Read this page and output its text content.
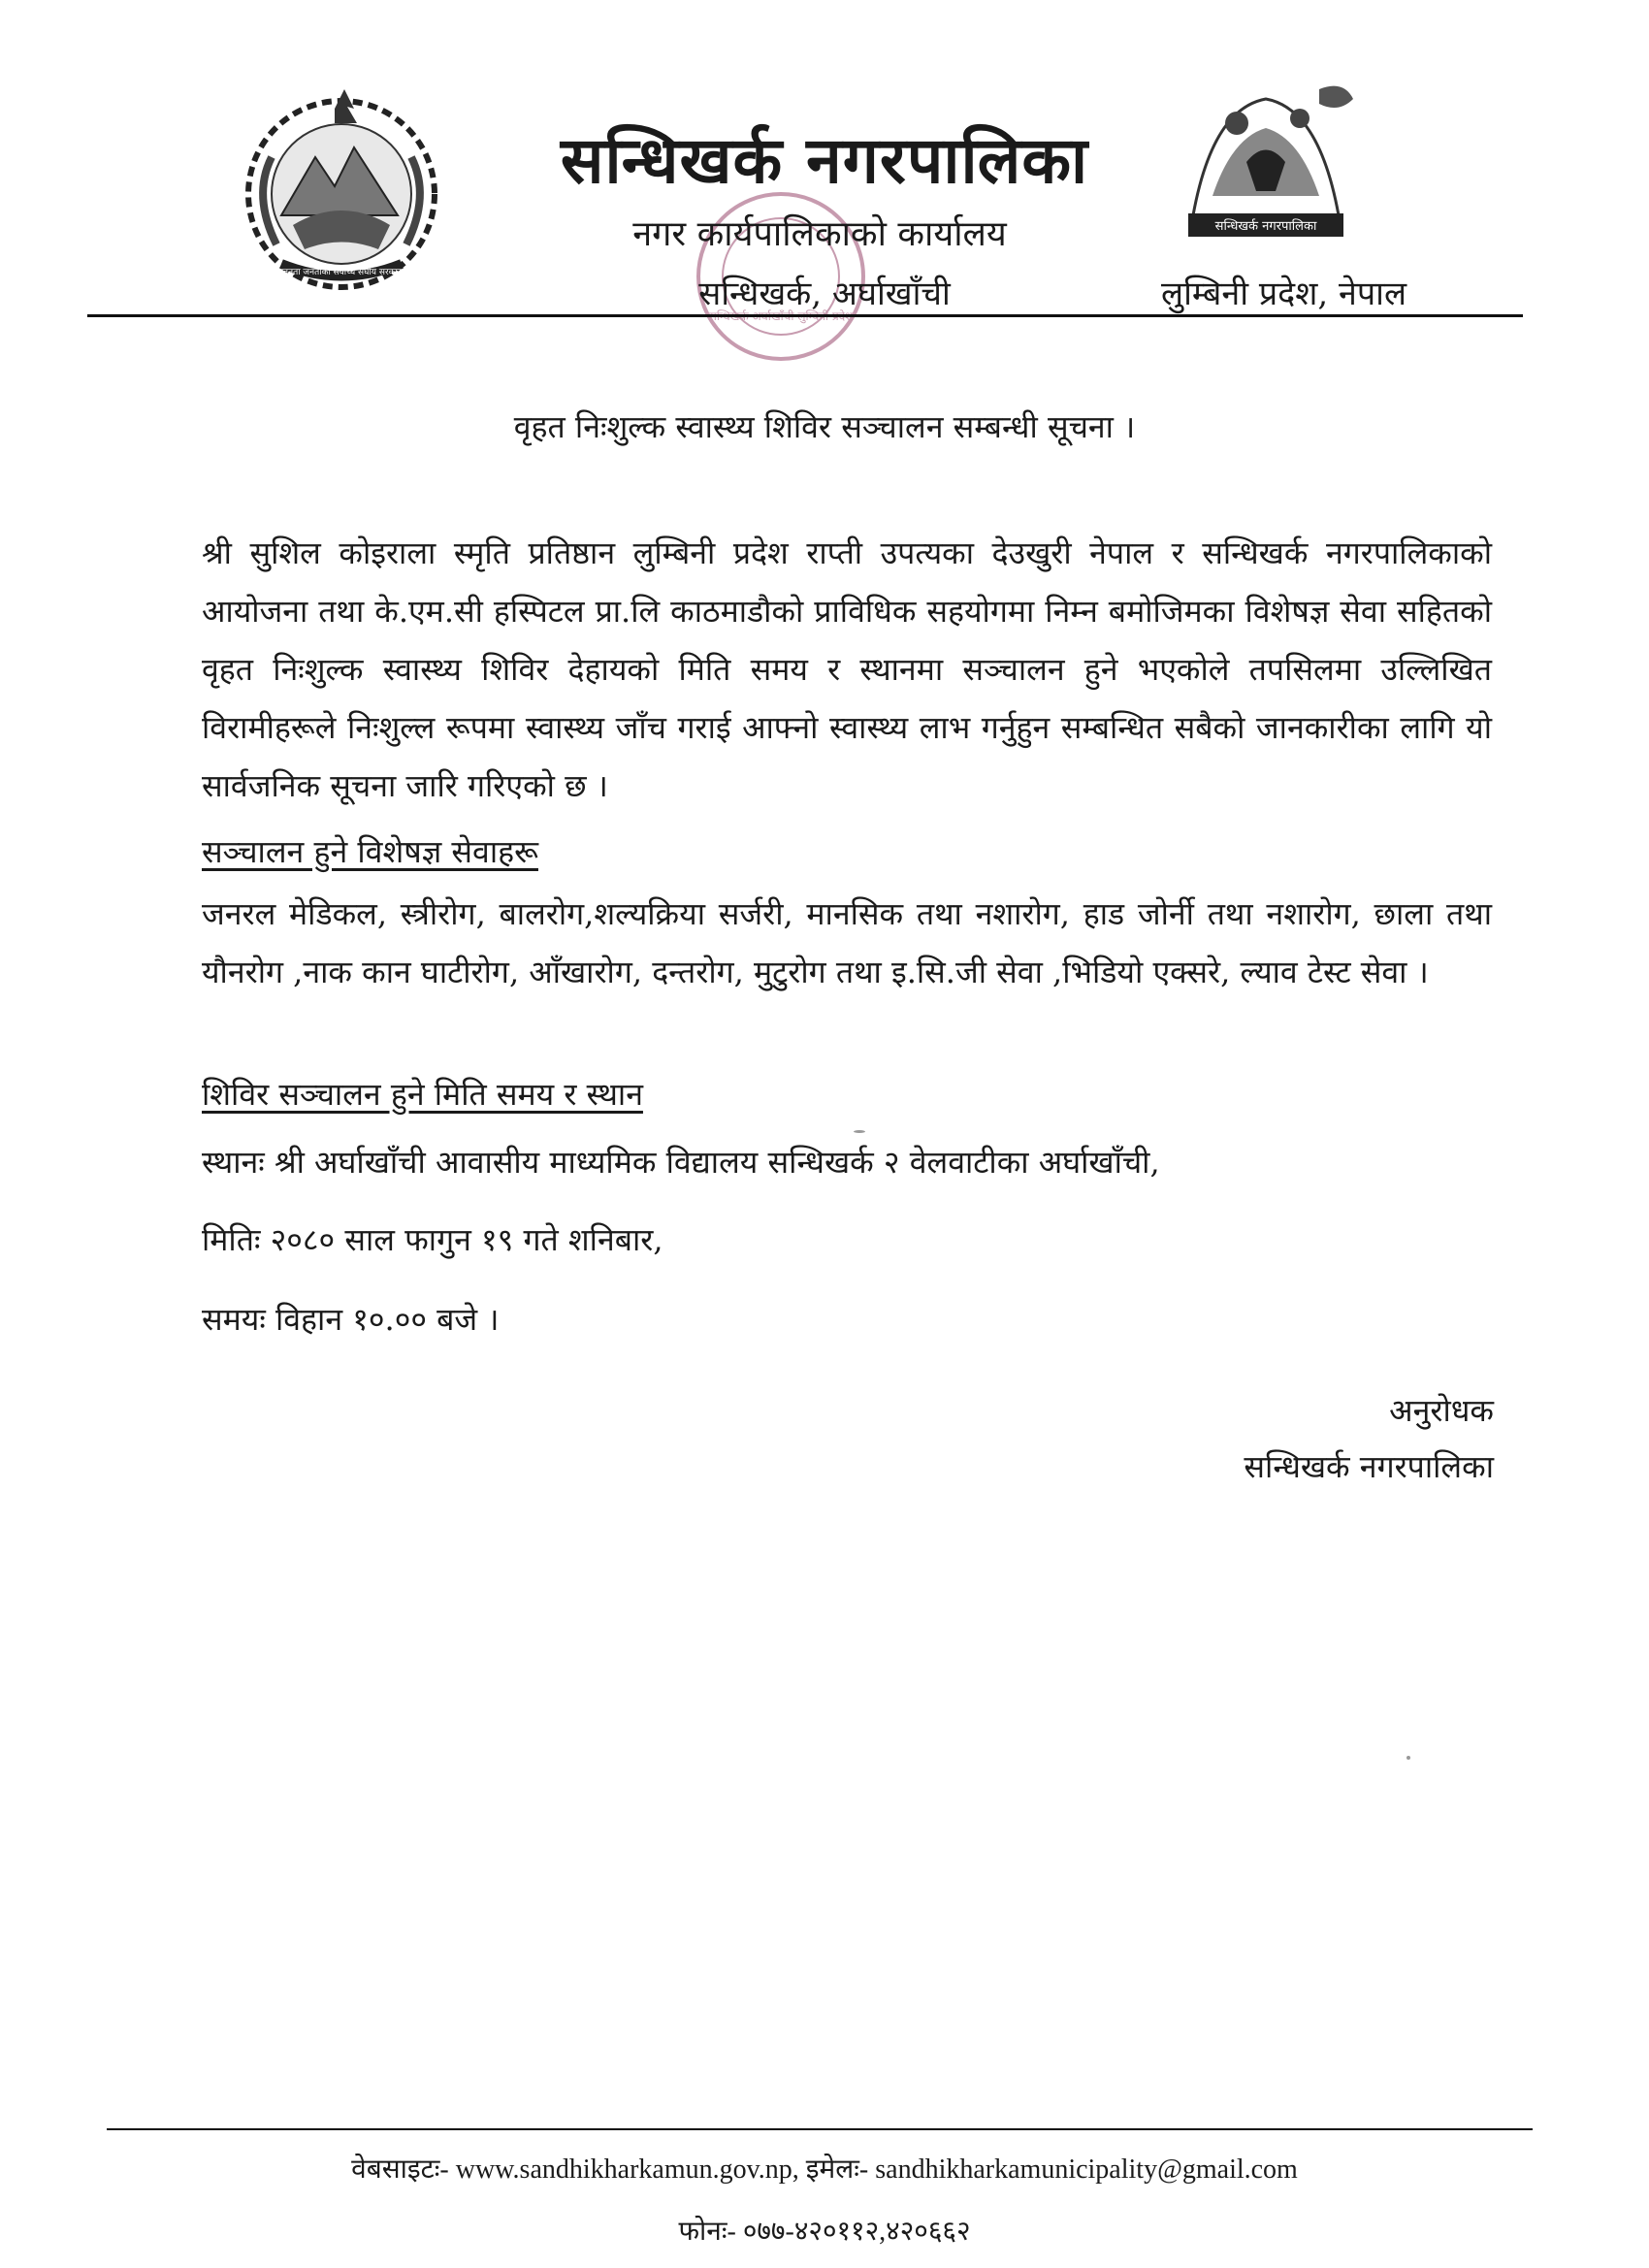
जनता जनताको सर्वोच्च संघीय सरकार
सन्धिखर्क नगरपालिका
सन्धिखर्क अर्घाखाँची लुम्बिनी प्रदेश
सन्धिखर्क नगरपालिका
नगर कार्यपालिकाको कार्यालय
सन्धिखर्क, अर्घाखाँची	लुम्बिनी प्रदेश, नेपाल
वृहत निःशुल्क स्वास्थ्य शिविर सञ्चालन सम्बन्धी सूचना ।
श्री सुशिल कोइराला स्मृति प्रतिष्ठान लुम्बिनी प्रदेश राप्ती उपत्यका देउखुरी नेपाल र सन्धिखर्क नगरपालिकाको आयोजना तथा के.एम.सी हस्पिटल प्रा.लि काठमाडौको प्राविधिक सहयोगमा निम्न बमोजिमका विशेषज्ञ सेवा सहितको वृहत निःशुल्क स्वास्थ्य शिविर देहायको मिति समय र स्थानमा सञ्चालन हुने भएकोले तपसिलमा उल्लिखित विरामीहरूले निःशुल्ल रूपमा स्वास्थ्य जाँच गराई आफ्नो स्वास्थ्य लाभ गर्नुहुन सम्बन्धित सबैको जानकारीका लागि यो सार्वजनिक सूचना जारि गरिएको छ ।
सञ्चालन हुने विशेषज्ञ सेवाहरू
जनरल मेडिकल, स्त्रीरोग, बालरोग,शल्यक्रिया सर्जरी, मानसिक तथा नशारोग, हाड जोर्नी तथा नशारोग, छाला तथा यौनरोग ,नाक कान घाटीरोग, आँखारोग, दन्तरोग, मुटुरोग तथा इ.सि.जी सेवा ,भिडियो एक्सरे, ल्याव टेस्ट सेवा ।
शिविर सञ्चालन हुने मिति समय र स्थान
स्थानः श्री अर्घाखाँची आवासीय माध्यमिक विद्यालय सन्धिखर्क २ वेलवाटीका अर्घाखाँची,
मितिः २०८० साल फागुन १९ गते शनिबार,
समयः विहान १०.०० बजे ।
अनुरोधक
सन्धिखर्क नगरपालिका
वेबसाइटः- www.sandhikharkamun.gov.np, इमेलः- sandhikharkamunicipality@gmail.com
फोनः- ०७७-४२०११२,४२०६६२
